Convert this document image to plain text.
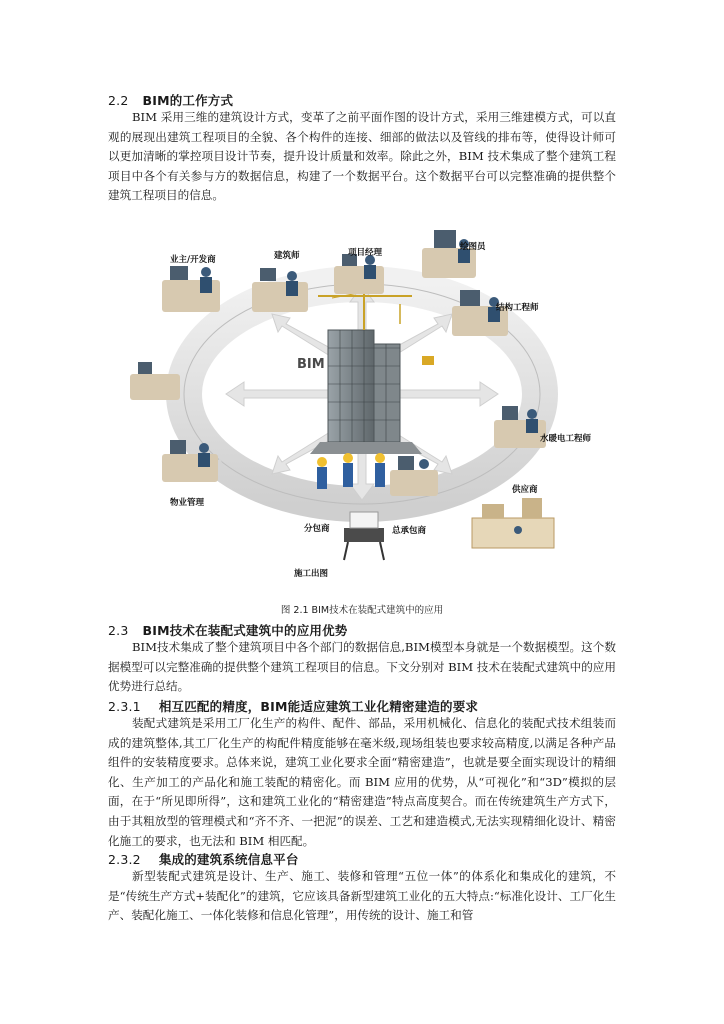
2.2 BIM的工作方式

BIM 采用三维的建筑设计方式，变革了之前平面作图的设计方式，采用三维建模方式，可以直观的展现出建筑工程项目的全貌、各个构件的连接、细部的做法以及管线的排布等，使得设计师可以更加清晰的掌控项目设计节奏，提升设计质量和效率。除此之外，BIM 技术集成了整个建筑工程项目中各个有关参与方的数据信息，构建了一个数据平台。这个数据平台可以完整准确的提供整个建筑工程项目的信息。

BIM
业主/开发商	建筑师	项目经理
绘图员
结构工程师
水暖电工程师
供应商
总承包商
分包商
施工出图
物业管理
图 2.1 BIM技术在装配式建筑中的应用
2.3 BIM技术在装配式建筑中的应用优势

BIM技术集成了整个建筑项目中各个部门的数据信息,BIM模型本身就是一个数据模型。这个数据模型可以完整准确的提供整个建筑工程项目的信息。下文分别对 BIM 技术在装配式建筑中的应用优势进行总结。

2.3.1 相互匹配的精度，BIM能适应建筑工业化精密建造的要求

装配式建筑是采用工厂化生产的构件、配件、部品，采用机械化、信息化的装配式技术组装而成的建筑整体,其工厂化生产的构配件精度能够在毫米级,现场组装也要求较高精度,以满足各种产品组件的安装精度要求。总体来说，建筑工业化要求全面“精密建造”，也就是要全面实现设计的精细化、生产加工的产品化和施工装配的精密化。而 BIM 应用的优势，从“可视化”和“3D”模拟的层面，在于“所见即所得”，这和建筑工业化的“精密建造”特点高度契合。而在传统建筑生产方式下，由于其粗放型的管理模式和“齐不齐、一把泥”的误差、工艺和建造模式,无法实现精细化设计、精密化施工的要求，也无法和 BIM 相匹配。

2.3.2 集成的建筑系统信息平台

新型装配式建筑是设计、生产、施工、装修和管理“五位一体”的体系化和集成化的建筑，不是“传统生产方式+装配化”的建筑，它应该具备新型建筑工业化的五大特点:“标准化设计、工厂化生产、装配化施工、一体化装修和信息化管理”，用传统的设计、施工和管
